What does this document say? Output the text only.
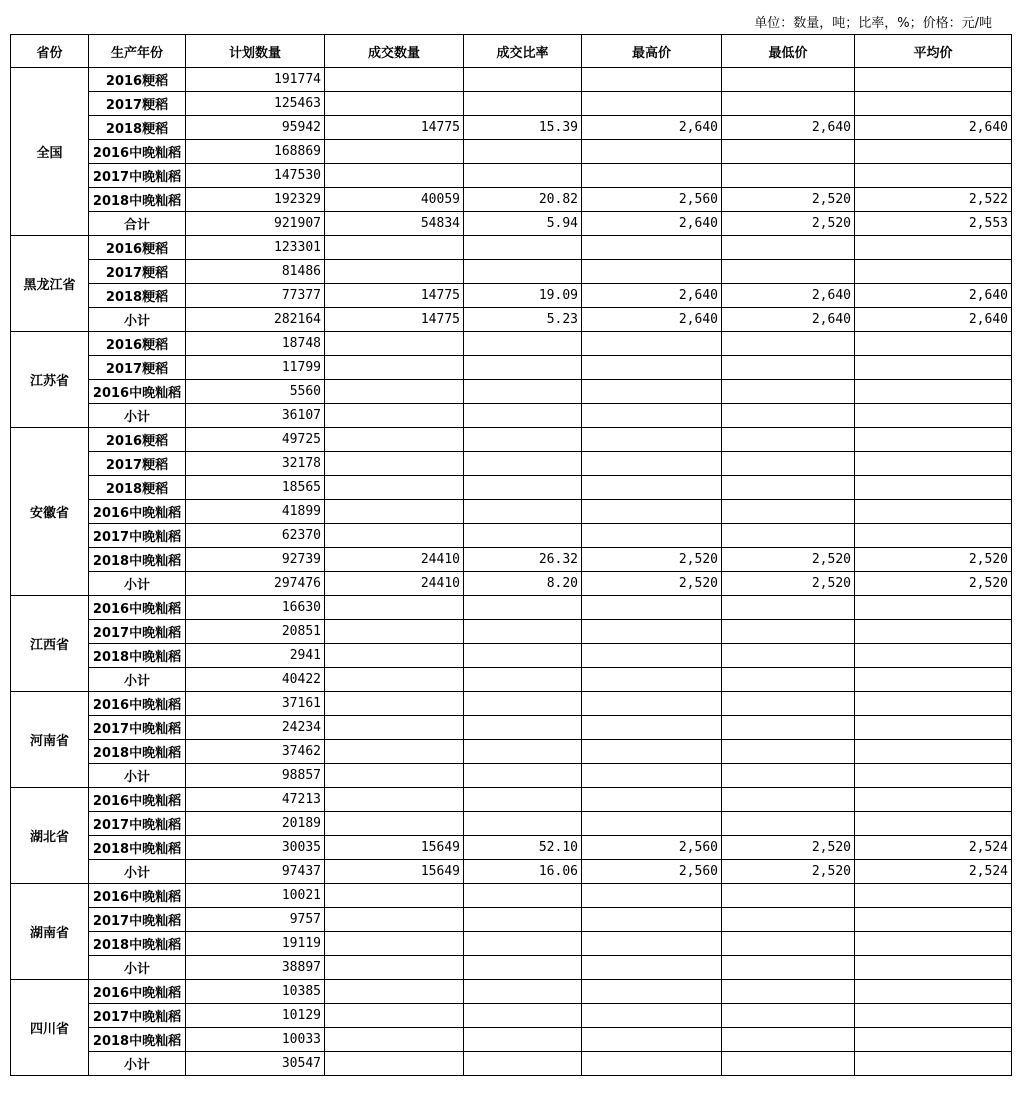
单位：数量，吨；比率，%；价格：元/吨
省份	生产年份	计划数量	成交数量	成交比率	最高价	最低价	平均价
全国	2016粳稻	191774					
	2017粳稻	125463					
	2018粳稻	95942	14775	15.39	2,640	2,640	2,640
	2016中晚籼稻	168869					
	2017中晚籼稻	147530					
	2018中晚籼稻	192329	40059	20.82	2,560	2,520	2,522
	合计	921907	54834	5.94	2,640	2,520	2,553
黑龙江省	2016粳稻	123301					
	2017粳稻	81486					
	2018粳稻	77377	14775	19.09	2,640	2,640	2,640
	小计	282164	14775	5.23	2,640	2,640	2,640
江苏省	2016粳稻	18748					
	2017粳稻	11799					
	2016中晚籼稻	5560					
	小计	36107					
安徽省	2016粳稻	49725					
	2017粳稻	32178					
	2018粳稻	18565					
	2016中晚籼稻	41899					
	2017中晚籼稻	62370					
	2018中晚籼稻	92739	24410	26.32	2,520	2,520	2,520
	小计	297476	24410	8.20	2,520	2,520	2,520
江西省	2016中晚籼稻	16630					
	2017中晚籼稻	20851					
	2018中晚籼稻	2941					
	小计	40422					
河南省	2016中晚籼稻	37161					
	2017中晚籼稻	24234					
	2018中晚籼稻	37462					
	小计	98857					
湖北省	2016中晚籼稻	47213					
	2017中晚籼稻	20189					
	2018中晚籼稻	30035	15649	52.10	2,560	2,520	2,524
	小计	97437	15649	16.06	2,560	2,520	2,524
湖南省	2016中晚籼稻	10021					
	2017中晚籼稻	9757					
	2018中晚籼稻	19119					
	小计	38897					
四川省	2016中晚籼稻	10385					
	2017中晚籼稻	10129					
	2018中晚籼稻	10033					
	小计	30547					
